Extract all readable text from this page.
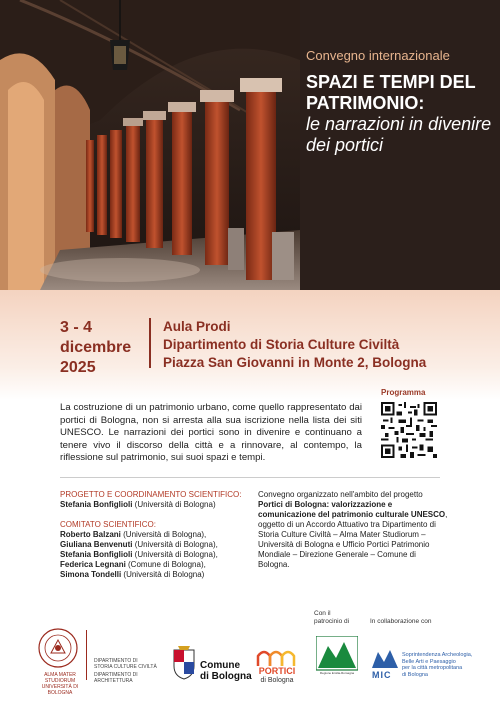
Convegno internazionale
SPAZI E TEMPI DEL PATRIMONIO:
le narrazioni in divenire dei portici
3 - 4 dicembre 2025
Aula Prodi
Dipartimento di Storia Culture Civiltà
Piazza San Giovanni in Monte 2, Bologna
Programma
La costruzione di un patrimonio urbano, come quello rappresentato dai portici di Bologna, non si arresta alla sua iscrizione nella lista dei siti UNESCO. Le narrazioni dei portici sono in divenire e continuano a tenere vivo il discorso della città e a rinnovare, al contempo, la riflessione sul patrimonio, sui suoi spazi e tempi.
PROGETTO E COORDINAMENTO SCIENTIFICO:
Stefania Bonfiglioli (Università di Bologna)
COMITATO SCIENTIFICO:
Roberto Balzani (Università di Bologna),
Giuliana Benvenuti (Università di Bologna),
Stefania Bonfiglioli (Università di Bologna),
Federica Legnani (Comune di Bologna),
Simona Tondelli (Università di Bologna)
Convegno organizzato nell'ambito del progetto Portici di Bologna: valorizzazione e comunicazione del patrimonio culturale UNESCO, oggetto di un Accordo Attuativo tra Dipartimento di Storia Culture Civiltà – Alma Mater Studiorum – Università di Bologna e Ufficio Portici Patrimonio Mondiale – Direzione Generale – Comune di Bologna.
ALMA MATER STUDIORUM
UNIVERSITÀ DI BOLOGNA
DIPARTIMENTO DI
STORIA CULTURE CIVILTÀ
DIPARTIMENTO DI
ARCHITETTURA
Comune
di Bologna PORTICI
di Bologna
Con il
patrocinio di
Regione Emilia-Romagna
In collaborazione con
MIC
Soprintendenza Archeologia,
Belle Arti e Paesaggio
per la città metropolitana
di Bologna
